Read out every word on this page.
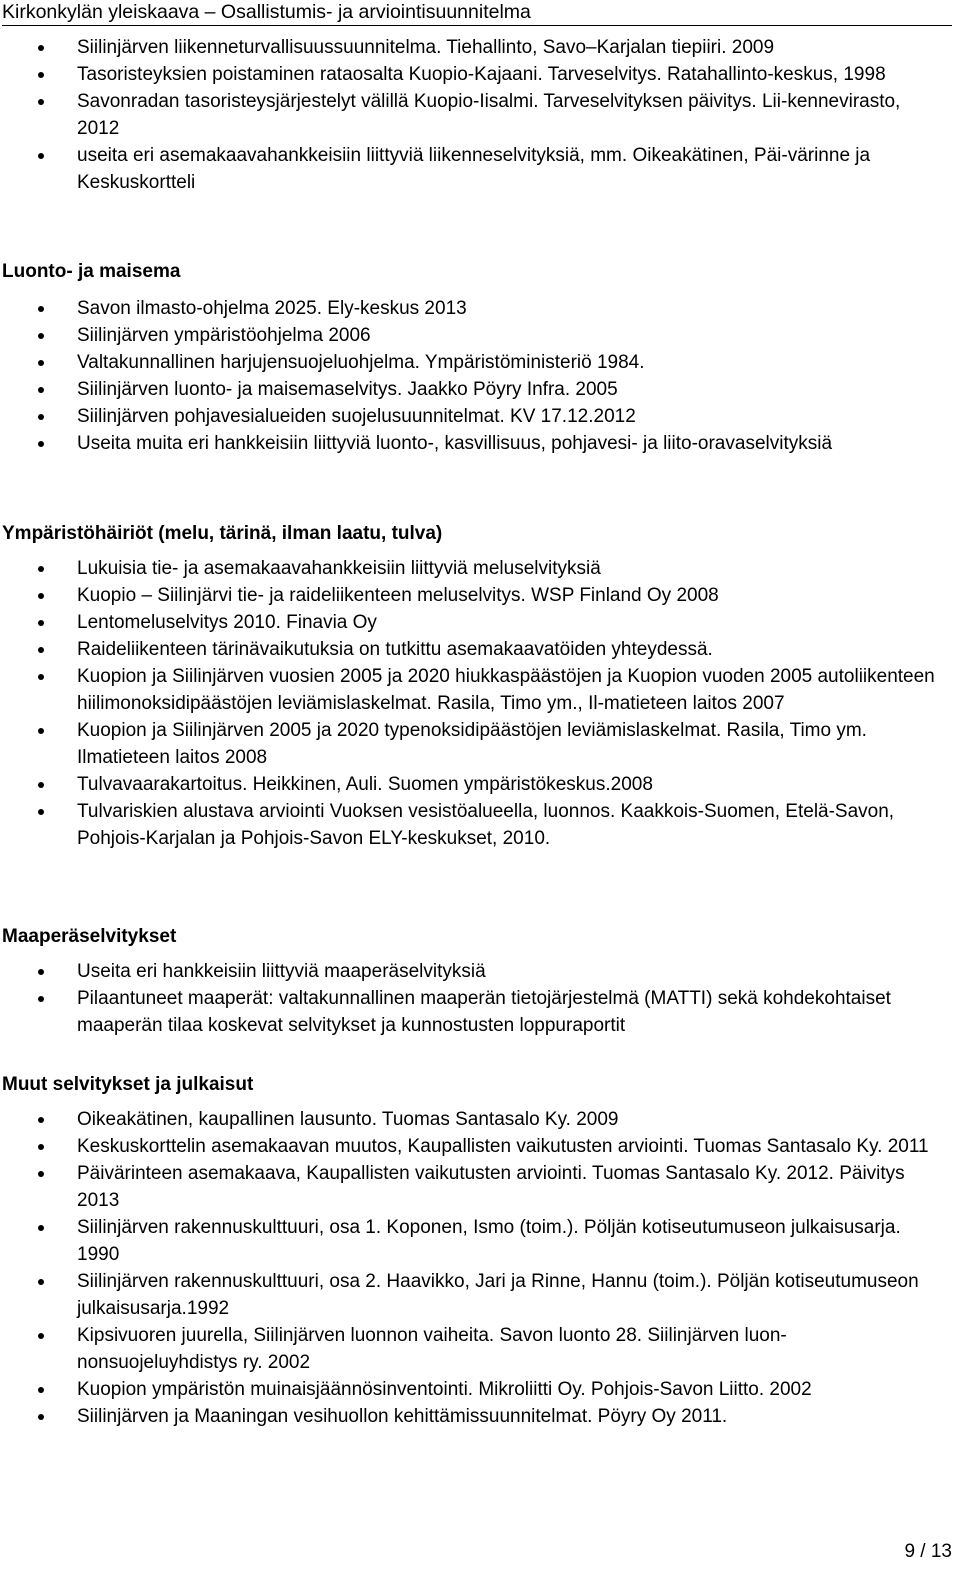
Kirkonkylän yleiskaava – Osallistumis- ja arviointisuunnitelma
Siilinjärven liikenneturvallisuussuunnitelma. Tiehallinto, Savo–Karjalan tiepiiri. 2009
Tasoristeyksien poistaminen rataosalta Kuopio-Kajaani. Tarveselvitys. Ratahallinto-keskus, 1998
Savonradan tasoristeysjärjestelyt välillä Kuopio-Iisalmi. Tarveselvityksen päivitys. Lii-kennevirasto, 2012
useita eri asemakaavahankkeisiin liittyviä liikenneselvityksiä, mm. Oikeakätinen, Päi-värinne ja Keskuskortteli
Luonto- ja maisema
Savon ilmasto-ohjelma 2025. Ely-keskus 2013
Siilinjärven ympäristöohjelma 2006
Valtakunnallinen harjujensuojeluohjelma. Ympäristöministeriö 1984.
Siilinjärven luonto- ja maisemaselvitys. Jaakko Pöyry Infra. 2005
Siilinjärven pohjavesialueiden suojelusuunnitelmat. KV 17.12.2012
Useita muita eri hankkeisiin liittyviä luonto-, kasvillisuus, pohjavesi- ja liito-oravaselvityksiä
Ympäristöhäiriöt (melu, tärinä, ilman laatu, tulva)
Lukuisia tie- ja asemakaavahankkeisiin liittyviä meluselvityksiä
Kuopio – Siilinjärvi tie- ja raideliikenteen meluselvitys. WSP Finland Oy 2008
Lentomeluselvitys 2010. Finavia Oy
Raideliikenteen tärinävaikutuksia on tutkittu asemakaavatöiden yhteydessä.
Kuopion ja Siilinjärven vuosien 2005 ja 2020 hiukkaspäästöjen ja Kuopion vuoden 2005 autoliikenteen hiilimonoksidipäästöjen leviämislaskelmat. Rasila, Timo ym., Il-matieteen laitos 2007
Kuopion ja Siilinjärven 2005 ja 2020 typenoksidipäästöjen leviämislaskelmat. Rasila, Timo ym. Ilmatieteen laitos 2008
Tulvavaarakartoitus. Heikkinen, Auli. Suomen ympäristökeskus.2008
Tulvariskien alustava arviointi Vuoksen vesistöalueella, luonnos. Kaakkois-Suomen, Etelä-Savon, Pohjois-Karjalan ja Pohjois-Savon ELY-keskukset, 2010.
Maaperäselvitykset
Useita eri hankkeisiin liittyviä maaperäselvityksiä
Pilaantuneet maaperät: valtakunnallinen maaperän tietojärjestelmä (MATTI) sekä kohdekohtaiset maaperän tilaa koskevat selvitykset ja kunnostusten loppuraportit
Muut selvitykset ja julkaisut
Oikeakätinen, kaupallinen lausunto. Tuomas Santasalo Ky. 2009
Keskuskorttelin asemakaavan muutos, Kaupallisten vaikutusten arviointi. Tuomas Santasalo Ky. 2011
Päivärinteen asemakaava, Kaupallisten vaikutusten arviointi. Tuomas Santasalo Ky. 2012. Päivitys 2013
Siilinjärven rakennuskulttuuri, osa 1. Koponen, Ismo (toim.). Pöljän kotiseutumuseon julkaisusarja. 1990
Siilinjärven rakennuskulttuuri, osa 2. Haavikko, Jari ja Rinne, Hannu (toim.). Pöljän kotiseutumuseon julkaisusarja.1992
Kipsivuoren juurella, Siilinjärven luonnon vaiheita. Savon luonto 28. Siilinjärven luon-nonsuojeluyhdistys ry. 2002
Kuopion ympäristön muinaisjäännösinventointi. Mikroliitti Oy. Pohjois-Savon Liitto. 2002
Siilinjärven ja Maaningan vesihuollon kehittämissuunnitelmat. Pöyry Oy 2011.
9 / 13
